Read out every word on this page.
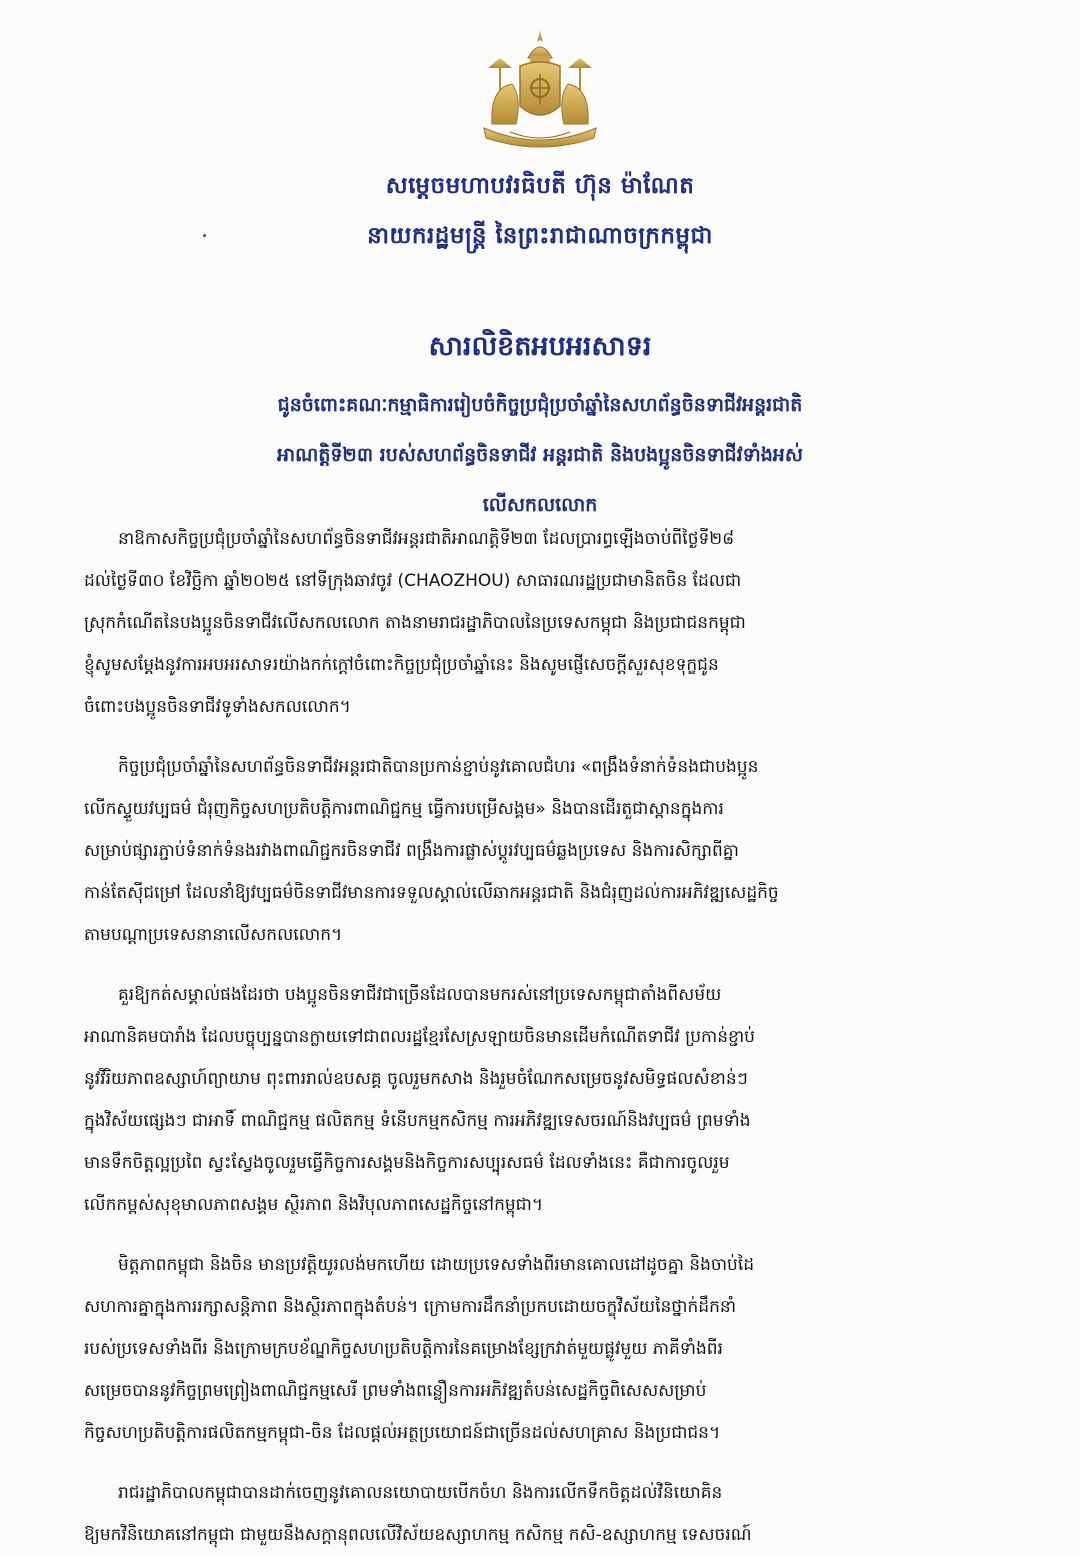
សម្តេចមហាបវរធិបតី ហ៊ុន ម៉ាណែត
នាយករដ្ឋមន្ត្រី នៃព្រះរាជាណាចក្រកម្ពុជា
សារលិខិតអបអរសាទរ
ជូនចំពោះគណៈកម្មាធិការរៀបចំកិច្ចប្រជុំប្រចាំឆ្នាំនៃសហព័ន្ធចិនទាជីវអន្តរជាតិ
អាណត្តិទី២៣ របស់សហព័ន្ធចិនទាជីវ អន្តរជាតិ និងបងប្អូនចិនទាជីវទាំងអស់
លើសកលលោក
នាឱកាសកិច្ចប្រជុំប្រចាំឆ្នាំនៃសហព័ន្ធចិនទាជីវអន្តរជាតិអាណត្តិទី២៣ ដែលប្រារព្ធឡើងចាប់ពីថ្ងៃទី២៨
ដល់ថ្ងៃទី៣០ ខែវិច្ឆិកា ឆ្នាំ២០២៥ នៅទីក្រុងឆាវចូវ (CHAOZHOU) សាធារណរដ្ឋប្រជាមានិតចិន ដែលជា
ស្រុកកំណើតនៃបងប្អូនចិនទាជីវលើសកលលោក តាងនាមរាជរដ្ឋាភិបាលនៃប្រទេសកម្ពុជា និងប្រជាជនកម្ពុជា
ខ្ញុំសូមសម្តែងនូវការអបអរសាទរយ៉ាងកក់ក្តៅចំពោះកិច្ចប្រជុំប្រចាំឆ្នាំនេះ និងសូមផ្ញើសេចក្តីសួរសុខទុក្ខជូន
ចំពោះបងប្អូនចិនទាជីវទូទាំងសកលលោក។
កិច្ចប្រជុំប្រចាំឆ្នាំនៃសហព័ន្ធចិនទាជីវអន្តរជាតិបានប្រកាន់ខ្ជាប់នូវគោលជំហរ «ពង្រឹងទំនាក់ទំនងជាបងប្អូន
លើកស្ទួយវប្បធម៌ ជំរុញកិច្ចសហប្រតិបត្តិការពាណិជ្ជកម្ម ធ្វើការបម្រើសង្គម» និងបានដើរតួជាស្ពានក្នុងការ
សម្រាប់ផ្សារភ្ជាប់ទំនាក់ទំនងរវាងពាណិជ្ជករចិនទាជីវ ពង្រឹងការផ្លាស់ប្តូរវប្បធម៌ឆ្លងប្រទេស និងការសិក្សាពីគ្នា
កាន់តែស៊ីជម្រៅ ដែលនាំឱ្យវប្បធម៌ចិនទាជីវមានការទទួលស្គាល់លើឆាកអន្តរជាតិ និងជំរុញដល់ការអភិវឌ្ឍសេដ្ឋកិច្ច
តាមបណ្តាប្រទេសនានាលើសកលលោក។
គួរឱ្យកត់សម្គាល់ផងដែរថា បងប្អូនចិនទាជីវជាច្រើនដែលបានមករស់នៅប្រទេសកម្ពុជាតាំងពីសម័យ
អាណានិគមបារាំង ដែលបច្ចុប្បន្នបានក្លាយទៅជាពលរដ្ឋខ្មែរសែស្រឡាយចិនមានដើមកំណើតទាជីវ ប្រកាន់ខ្ជាប់
នូវវិរិយភាពឧស្សាហ៍ព្យាយាម ពុះពាររាល់ឧបសគ្គ ចូលរួមកសាង និងរួមចំណែកសម្រេចនូវសមិទ្ធផលសំខាន់ៗ
ក្នុងវិស័យផ្សេងៗ ជាអាទិ៍ ពាណិជ្ជកម្ម ផលិតកម្ម ទំនើបកម្មកសិកម្ម ការអភិវឌ្ឍទេសចរណ៍និងវប្បធម៌ ព្រមទាំង
មានទឹកចិត្តល្អប្រពៃ ស្វះស្វែងចូលរួមធ្វើកិច្ចការសង្គមនិងកិច្ចការសប្បុរសធម៌ ដែលទាំងនេះ គឺជាការចូលរួម
លើកកម្ពស់សុខុមាលភាពសង្គម ស្ថិរភាព និងវិបុលភាពសេដ្ឋកិច្ចនៅកម្ពុជា។
មិត្តភាពកម្ពុជា និងចិន មានប្រវត្តិយូរលង់មកហើយ ដោយប្រទេសទាំងពីរមានគោលដៅដូចគ្នា និងចាប់ដៃ
សហការគ្នាក្នុងការរក្សាសន្តិភាព និងស្ថិរភាពក្នុងតំបន់។ ក្រោមការដឹកនាំប្រកបដោយចក្ខុវិស័យនៃថ្នាក់ដឹកនាំ
របស់ប្រទេសទាំងពីរ និងក្រោមក្របខ័ណ្ឌកិច្ចសហប្រតិបត្តិការនៃគម្រោងខ្សែក្រវាត់មួយផ្លូវមួយ ភាគីទាំងពីរ
សម្រេចបាននូវកិច្ចព្រមព្រៀងពាណិជ្ជកម្មសេរី ព្រមទាំងពន្លឿនការអភិវឌ្ឍតំបន់សេដ្ឋកិច្ចពិសេសសម្រាប់
កិច្ចសហប្រតិបត្តិការផលិតកម្មកម្ពុជា-ចិន ដែលផ្តល់អត្ថប្រយោជន៍ជាច្រើនដល់សហគ្រាស និងប្រជាជន។
រាជរដ្ឋាភិបាលកម្ពុជាបានដាក់ចេញនូវគោលនយោបាយបើកចំហ និងការលើកទឹកចិត្តដល់វិនិយោគិន
ឱ្យមកវិនិយោគនៅកម្ពុជា ជាមួយនឹងសក្តានុពលលើវិស័យឧស្សាហកម្ម កសិកម្ម កសិ-ឧស្សាហកម្ម ទេសចរណ៍
